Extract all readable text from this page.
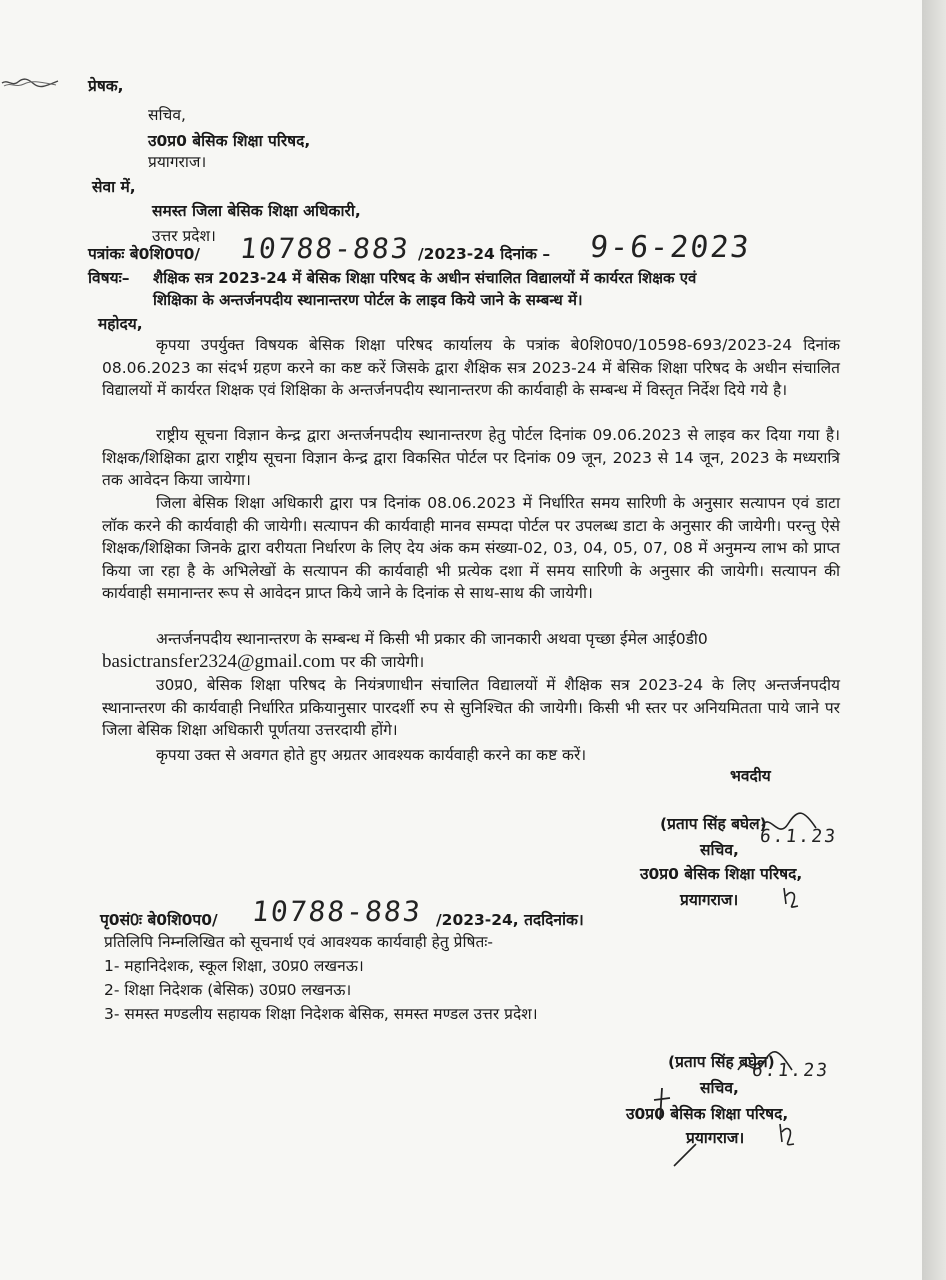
प्रेषक,
सचिव,
उ0प्र0 बेसिक शिक्षा परिषद,
प्रयागराज।
सेवा में,
समस्त जिला बेसिक शिक्षा अधिकारी,
उत्तर प्रदेश।
पत्रांकः बे0शि0प0/ 10788-883 /2023-24 दिनांक – 9-6-2023
विषयः– शैक्षिक सत्र 2023-24 में बेसिक शिक्षा परिषद के अधीन संचालित विद्यालयों में कार्यरत शिक्षक एवं
शिक्षिका के अन्तर्जनपदीय स्थानान्तरण पोर्टल के लाइव किये जाने के सम्बन्ध में।
महोदय,
कृपया उपर्युक्त विषयक बेसिक शिक्षा परिषद कार्यालय के पत्रांक बे0शि0प0/10598-693/2023-24 दिनांक 08.06.2023 का संदर्भ ग्रहण करने का कष्ट करें जिसके द्वारा शैक्षिक सत्र 2023-24 में बेसिक शिक्षा परिषद के अधीन संचालित विद्यालयों में कार्यरत शिक्षक एवं शिक्षिका के अन्तर्जनपदीय स्थानान्तरण की कार्यवाही के सम्बन्ध में विस्तृत निर्देश दिये गये है।
राष्ट्रीय सूचना विज्ञान केन्द्र द्वारा अन्तर्जनपदीय स्थानान्तरण हेतु पोर्टल दिनांक 09.06.2023 से लाइव कर दिया गया है। शिक्षक/शिक्षिका द्वारा राष्ट्रीय सूचना विज्ञान केन्द्र द्वारा विकसित पोर्टल पर दिनांक 09 जून, 2023 से 14 जून, 2023 के मध्यरात्रि तक आवेदन किया जायेगा।
जिला बेसिक शिक्षा अधिकारी द्वारा पत्र दिनांक 08.06.2023 में निर्धारित समय सारिणी के अनुसार सत्यापन एवं डाटा लॉक करने की कार्यवाही की जायेगी। सत्यापन की कार्यवाही मानव सम्पदा पोर्टल पर उपलब्ध डाटा के अनुसार की जायेगी। परन्तु ऐसे शिक्षक/शिक्षिका जिनके द्वारा वरीयता निर्धारण के लिए देय अंक कम संख्या-02, 03, 04, 05, 07, 08 में अनुमन्य लाभ को प्राप्त किया जा रहा है के अभिलेखों के सत्यापन की कार्यवाही भी प्रत्येक दशा में समय सारिणी के अनुसार की जायेगी। सत्यापन की कार्यवाही समानान्तर रूप से आवेदन प्राप्त किये जाने के दिनांक से साथ-साथ की जायेगी।
अन्तर्जनपदीय स्थानान्तरण के सम्बन्ध में किसी भी प्रकार की जानकारी अथवा पृच्छा ईमेल आई0डी0
basictransfer2324@gmail.com पर की जायेगी।
उ0प्र0, बेसिक शिक्षा परिषद के नियंत्रणाधीन संचालित विद्यालयों में शैक्षिक सत्र 2023-24 के लिए अन्तर्जनपदीय स्थानान्तरण की कार्यवाही निर्धारित प्रकियानुसार पारदर्शी रुप से सुनिश्चित की जायेगी। किसी भी स्तर पर अनियमितता पाये जाने पर जिला बेसिक शिक्षा अधिकारी पूर्णतया उत्तरदायी होंगे।
कृपया उक्त से अवगत होते हुए अग्रतर आवश्यक कार्यवाही करने का कष्ट करें।
भवदीय
(प्रताप सिंह बघेल)
सचिव,
6.1.23
उ0प्र0 बेसिक शिक्षा परिषद,
प्रयागराज।
पृ0सं0ः बे0शि0प0/ 10788-883 /2023-24, तददिनांक।
प्रतिलिपि निम्नलिखित को सूचनार्थ एवं आवश्यक कार्यवाही हेतु प्रेषितः-
1- महानिदेशक, स्कूल शिक्षा, उ0प्र0 लखनऊ।
2- शिक्षा निदेशक (बेसिक) उ0प्र0 लखनऊ।
3- समस्त मण्डलीय सहायक शिक्षा निदेशक बेसिक, समस्त मण्डल उत्तर प्रदेश।
(प्रताप सिंह बघेल)
6.1.23
सचिव,
उ0प्र0 बेसिक शिक्षा परिषद,
प्रयागराज।
